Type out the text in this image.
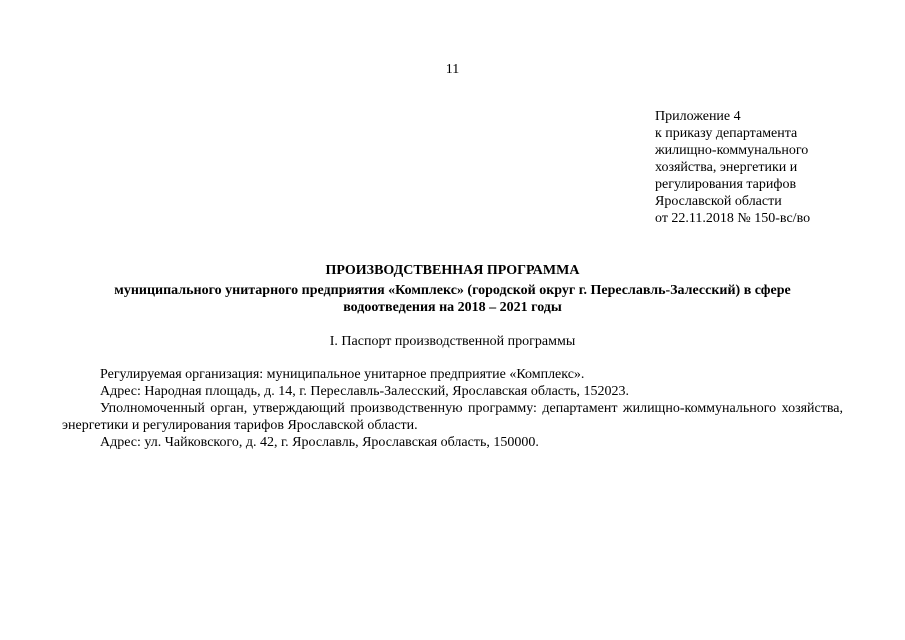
11
Приложение 4
к приказу департамента
жилищно-коммунального
хозяйства, энергетики и
регулирования тарифов
Ярославской области
от 22.11.2018 № 150-вс/во
ПРОИЗВОДСТВЕННАЯ ПРОГРАММА
муниципального унитарного предприятия «Комплекс» (городской округ г. Переславль-Залесский) в сфере водоотведения на 2018 – 2021 годы
I. Паспорт производственной программы

Регулируемая организация: муниципальное унитарное предприятие «Комплекс».

Адрес: Народная площадь, д. 14, г. Переславль-Залесский, Ярославская область, 152023.

Уполномоченный орган, утверждающий производственную программу: департамент жилищно-коммунального хозяйства, энергетики и регулирования тарифов Ярославской области.

Адрес: ул. Чайковского, д. 42, г. Ярославль, Ярославская область, 150000.
